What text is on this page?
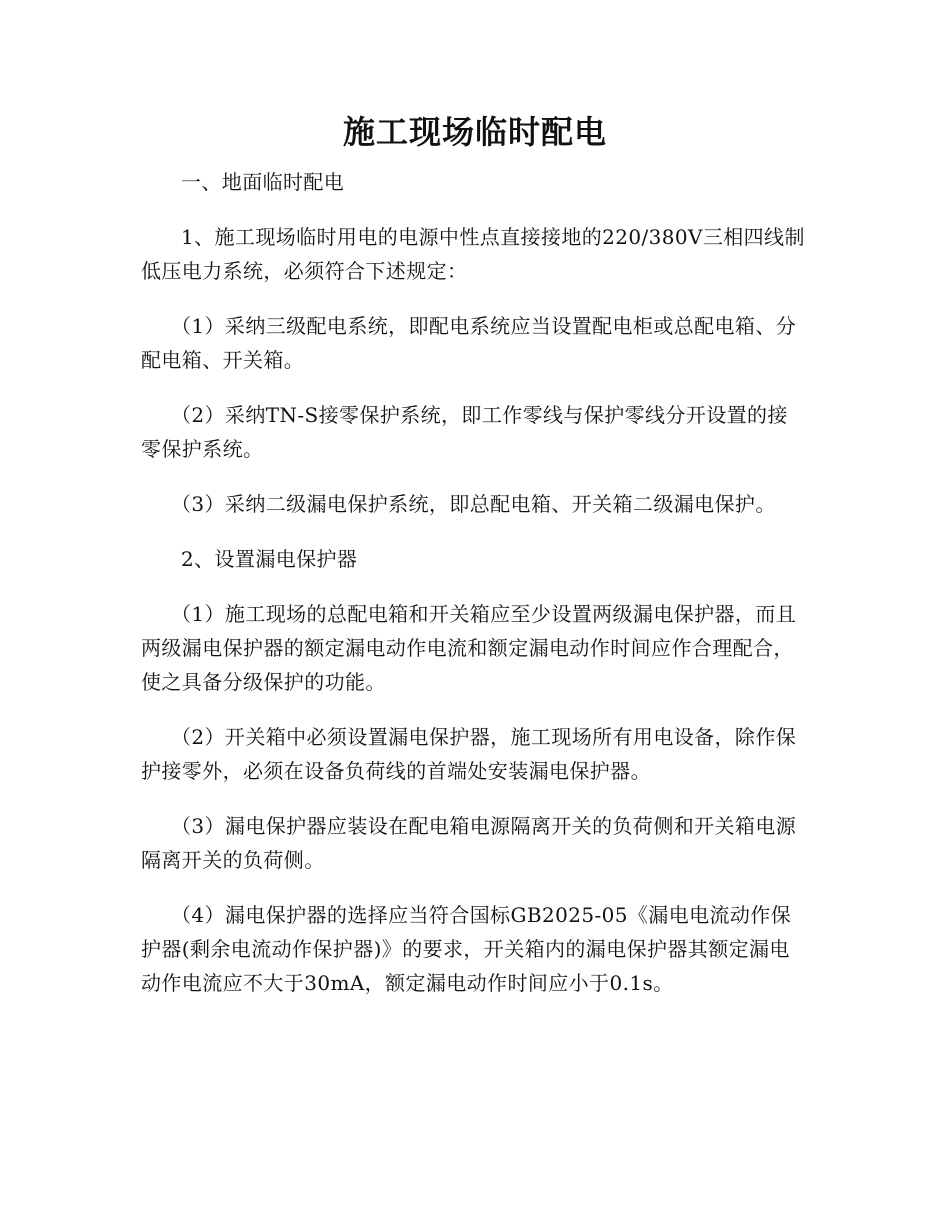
施工现场临时配电

一、地面临时配电

1、施工现场临时用电的电源中性点直接接地的220/380V三相四线制低压电力系统，必须符合下述规定：

（1）采纳三级配电系统，即配电系统应当设置配电柜或总配电箱、分配电箱、开关箱。

（2）采纳TN-S接零保护系统，即工作零线与保护零线分开设置的接零保护系统。

（3）采纳二级漏电保护系统，即总配电箱、开关箱二级漏电保护。

2、设置漏电保护器

（1）施工现场的总配电箱和开关箱应至少设置两级漏电保护器，而且两级漏电保护器的额定漏电动作电流和额定漏电动作时间应作合理配合，使之具备分级保护的功能。

（2）开关箱中必须设置漏电保护器，施工现场所有用电设备，除作保护接零外，必须在设备负荷线的首端处安装漏电保护器。

（3）漏电保护器应装设在配电箱电源隔离开关的负荷侧和开关箱电源隔离开关的负荷侧。

（4）漏电保护器的选择应当符合国标GB2025-05《漏电电流动作保护器(剩余电流动作保护器)》的要求，开关箱内的漏电保护器其额定漏电动作电流应不大于30mA，额定漏电动作时间应小于0.1s。
